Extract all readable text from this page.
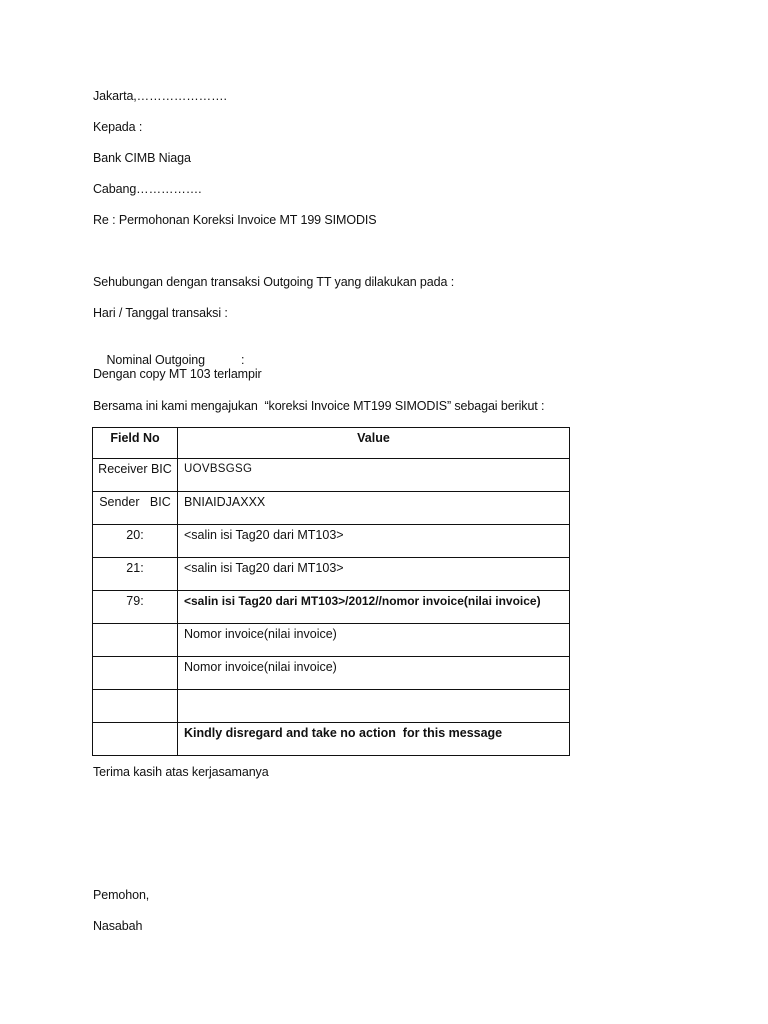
Jakarta,………………….
Kepada :
Bank CIMB Niaga
Cabang…………….
Re : Permohonan Koreksi Invoice MT 199 SIMODIS
Sehubungan dengan transaksi Outgoing TT yang dilakukan pada :
Hari / Tanggal transaksi :

Nominal Outgoing	:

Dengan copy MT 103 terlampir
Bersama ini kami mengajukan  “koreksi Invoice MT199 SIMODIS” sebagai berikut :
Field No	Value
Receiver BIC	UOVBSGSG
Sender   BIC	BNIAIDJAXXX
20:	<salin isi Tag20 dari MT103>
21:	<salin isi Tag20 dari MT103>
79:	<salin isi Tag20 dari MT103>/2012//nomor invoice(nilai invoice)
	Nomor invoice(nilai invoice)
	Nomor invoice(nilai invoice)

	Kindly disregard and take no action  for this message
Terima kasih atas kerjasamanya
Pemohon,
Nasabah
